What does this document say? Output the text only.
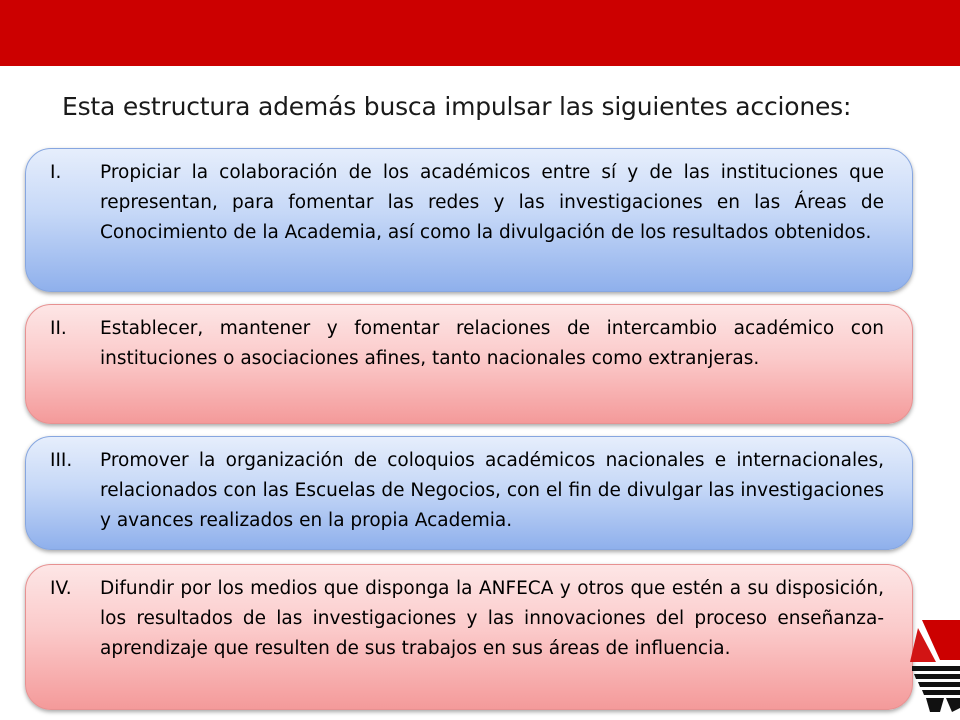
Esta estructura además busca impulsar las siguientes acciones:
I.	Propiciar la colaboración de los académicos entre sí y de las instituciones que representan, para fomentar las redes y las investigaciones en las Áreas de Conocimiento de la Academia, así como la divulgación de los resultados obtenidos.
II.	Establecer, mantener y fomentar relaciones de intercambio académico con instituciones o asociaciones afines, tanto nacionales como extranjeras.
III.	Promover la organización de coloquios académicos nacionales e internacionales, relacionados con las Escuelas de Negocios, con el fin de divulgar las investigaciones y avances realizados en la propia Academia.
IV.	Difundir por los medios que disponga la ANFECA y otros que estén a su disposición, los resultados de las investigaciones y las innovaciones del proceso enseñanza-aprendizaje que resulten de sus trabajos en sus áreas de influencia.
